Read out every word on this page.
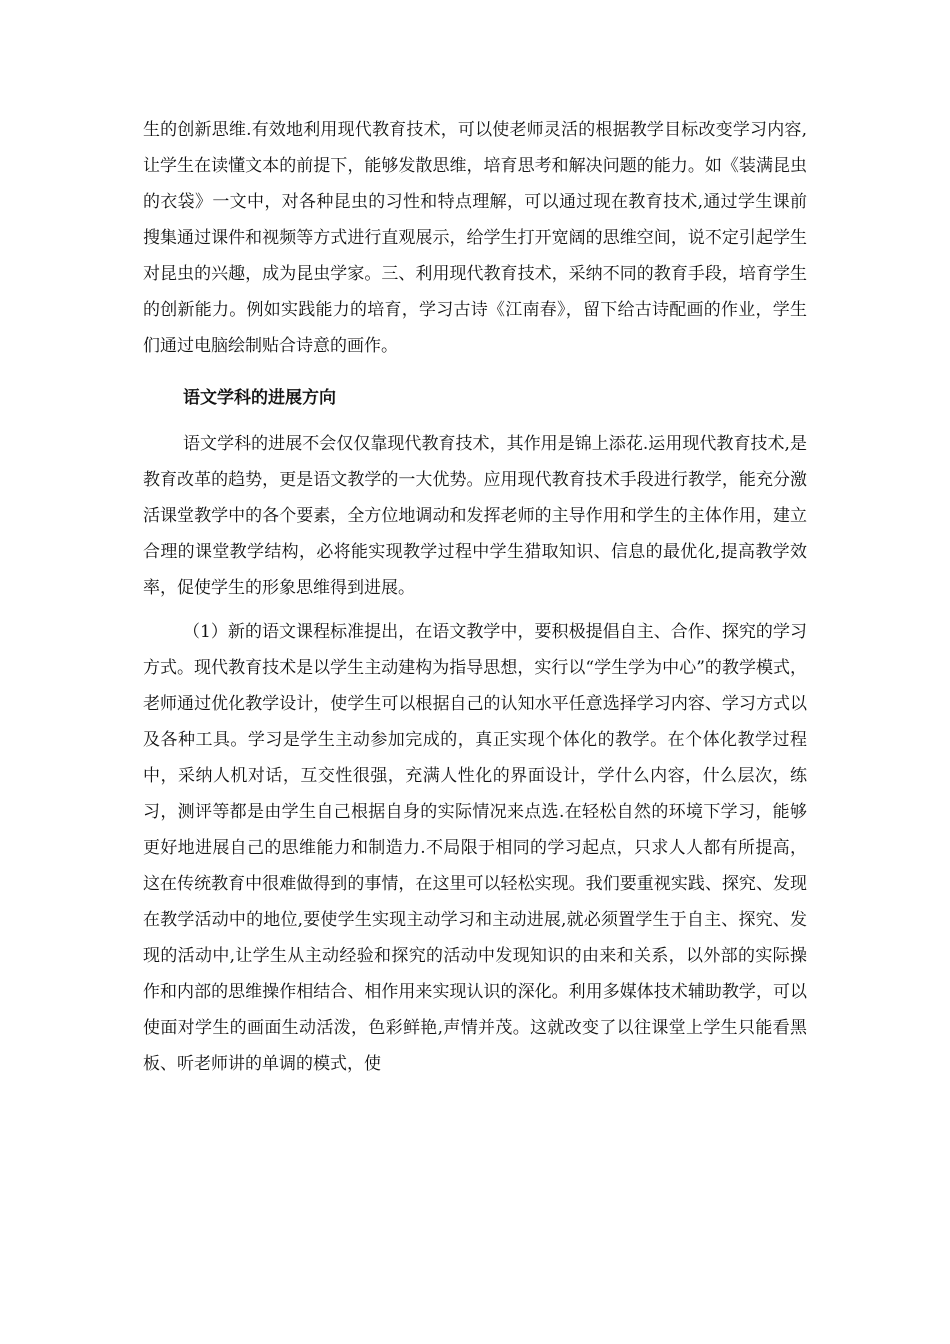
生的创新思维.有效地利用现代教育技术，可以使老师灵活的根据教学目标改变学习内容,让学生在读懂文本的前提下，能够发散思维，培育思考和解决问题的能力。如《装满昆虫的衣袋》一文中，对各种昆虫的习性和特点理解，可以通过现在教育技术,通过学生课前搜集通过课件和视频等方式进行直观展示，给学生打开宽阔的思维空间，说不定引起学生对昆虫的兴趣，成为昆虫学家。三、利用现代教育技术，采纳不同的教育手段，培育学生的创新能力。例如实践能力的培育，学习古诗《江南春》，留下给古诗配画的作业，学生们通过电脑绘制贴合诗意的画作。

语文学科的进展方向

语文学科的进展不会仅仅靠现代教育技术，其作用是锦上添花.运用现代教育技术,是教育改革的趋势，更是语文教学的一大优势。应用现代教育技术手段进行教学，能充分激活课堂教学中的各个要素，全方位地调动和发挥老师的主导作用和学生的主体作用，建立合理的课堂教学结构，必将能实现教学过程中学生猎取知识、信息的最优化,提高教学效率，促使学生的形象思维得到进展。

（1）新的语文课程标准提出，在语文教学中，要积极提倡自主、合作、探究的学习方式。现代教育技术是以学生主动建构为指导思想，实行以“学生学为中心”的教学模式，老师通过优化教学设计，使学生可以根据自己的认知水平任意选择学习内容、学习方式以及各种工具。学习是学生主动参加完成的，真正实现个体化的教学。在个体化教学过程中，采纳人机对话，互交性很强，充满人性化的界面设计，学什么内容，什么层次，练习，测评等都是由学生自己根据自身的实际情况来点选.在轻松自然的环境下学习，能够更好地进展自己的思维能力和制造力.不局限于相同的学习起点，只求人人都有所提高，这在传统教育中很难做得到的事情，在这里可以轻松实现。我们要重视实践、探究、发现在教学活动中的地位,要使学生实现主动学习和主动进展,就必须置学生于自主、探究、发现的活动中,让学生从主动经验和探究的活动中发现知识的由来和关系，以外部的实际操作和内部的思维操作相结合、相作用来实现认识的深化。利用多媒体技术辅助教学，可以使面对学生的画面生动活泼，色彩鲜艳,声情并茂。这就改变了以往课堂上学生只能看黑板、听老师讲的单调的模式，使
